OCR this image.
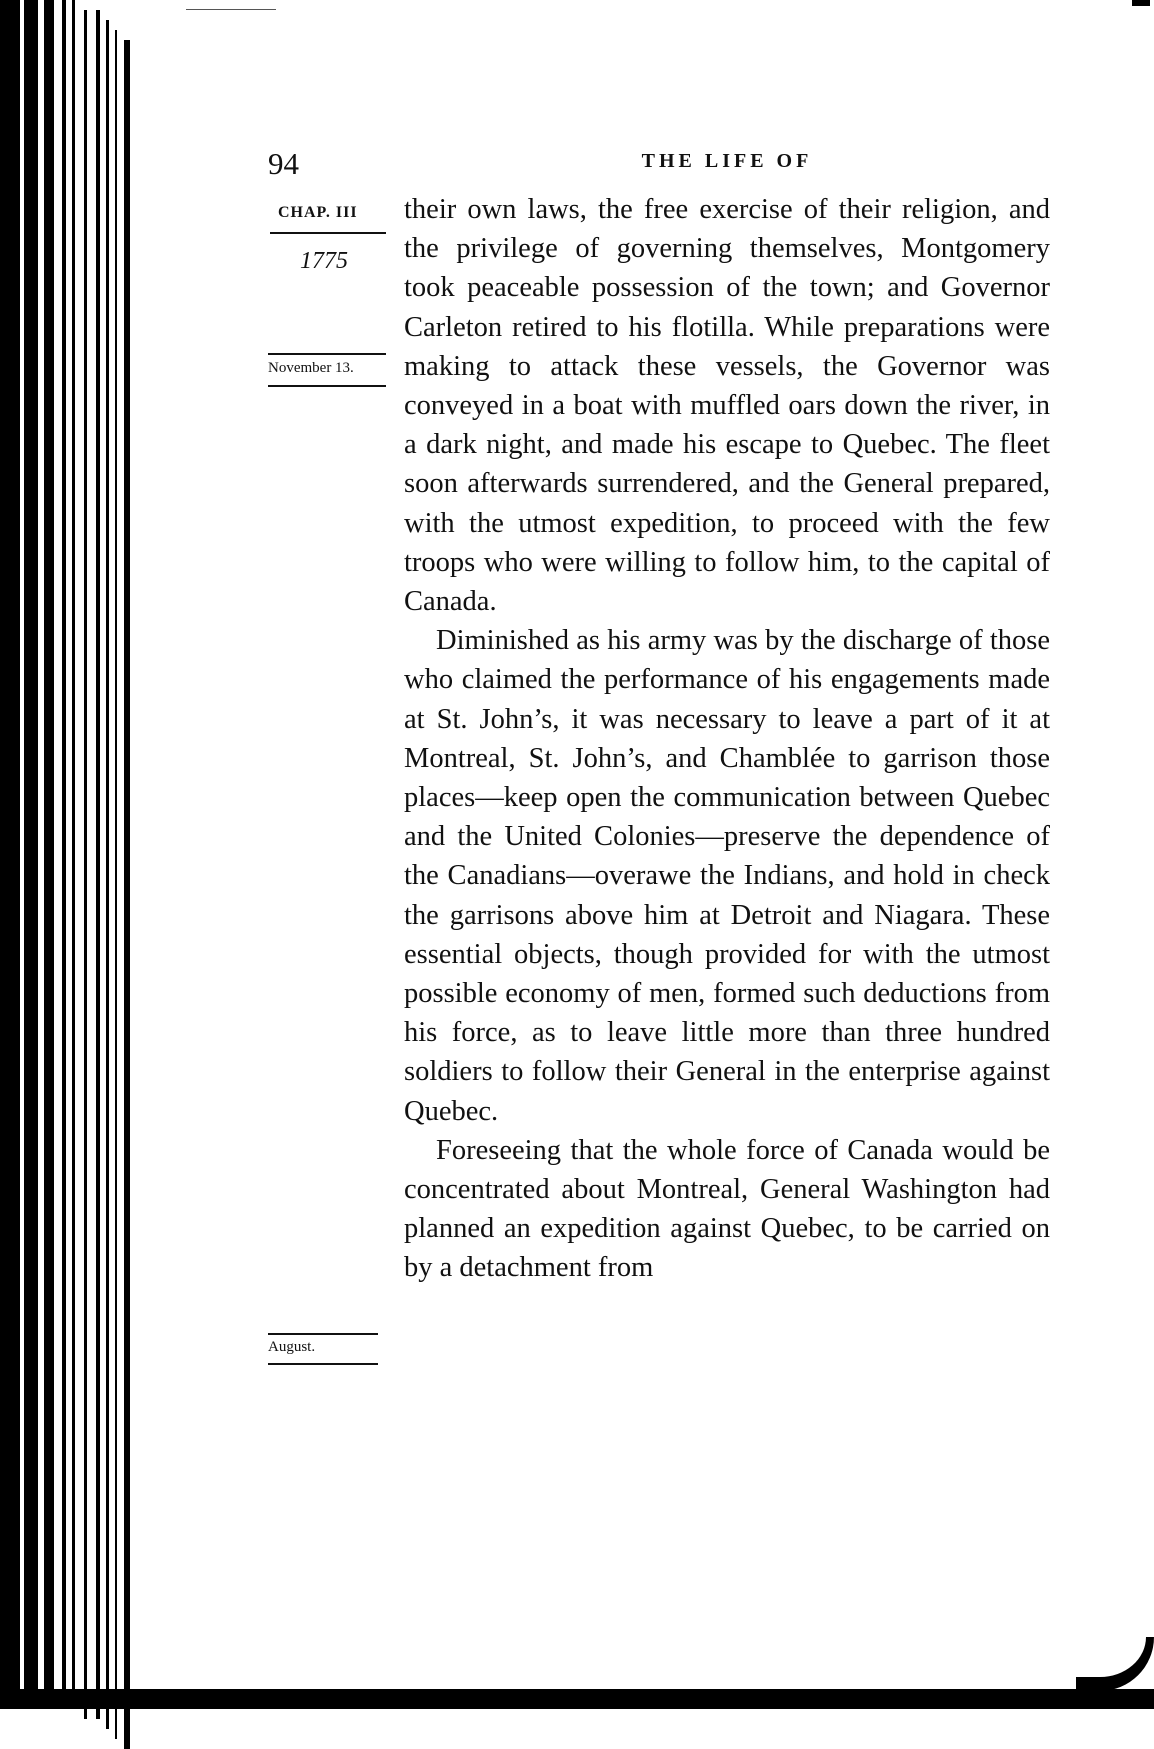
94	THE LIFE OF
CHAP. III
1775
November 13.
August.

their own laws, the free exercise of their religion, and the privilege of governing themselves, Montgomery took peaceable possession of the town; and Governor Carleton retired to his flotilla. While preparations were making to attack these vessels, the Governor was conveyed in a boat with muffled oars down the river, in a dark night, and made his escape to Quebec. The fleet soon afterwards surrendered, and the General prepared, with the utmost expedition, to proceed with the few troops who were willing to follow him, to the capital of Canada.

Diminished as his army was by the discharge of those who claimed the performance of his engagements made at St. John’s, it was necessary to leave a part of it at Montreal, St. John’s, and Chamblée to garrison those places—keep open the communication between Quebec and the United Colonies—preserve the dependence of the Canadians—overawe the Indians, and hold in check the garrisons above him at Detroit and Niagara. These essential objects, though provided for with the utmost possible economy of men, formed such deductions from his force, as to leave little more than three hundred soldiers to follow their General in the enterprise against Quebec.

Foreseeing that the whole force of Canada would be concentrated about Montreal, General Washington had planned an expedition against Quebec, to be carried on by a detachment from
